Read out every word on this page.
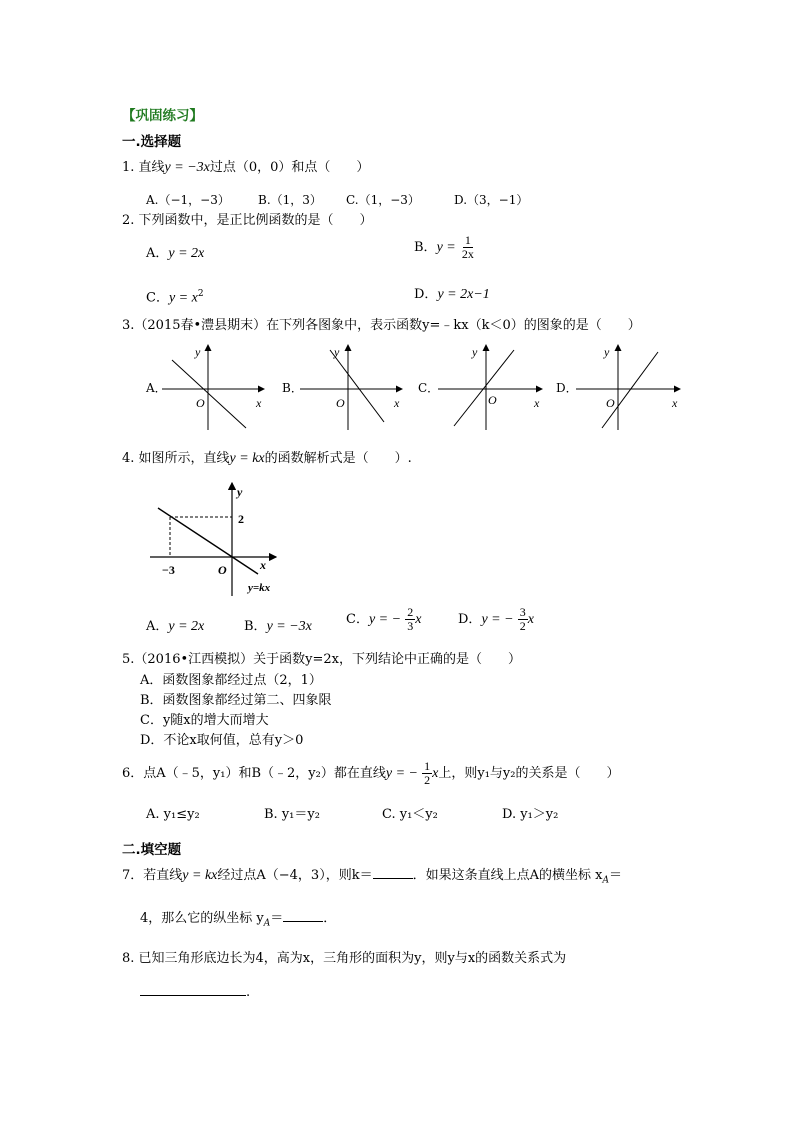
【巩固练习】
一.选择题
1. 直线y = −3x过点（0，0）和点（　　）
A.（−1，−3） B.（1，3） C.（1，−3）	D.（3，−1）
2. 下列函数中，是正比例函数的是（　　）
A．y = 2x	B．$y = \frac{1}{2x}$
C．$y = x^2$	D．y = 2x−1
3.（2015春•澧县期末）在下列各图象中，表示函数y=﹣kx（k＜0）的图象的是（　　）
A．
y
x
O
B．
y
x
O
C．
y
x
O
D．
y
x
O
4. 如图所示，直线y = kx的函数解析式是（　　）.
y
2
−3	O	x
y=kx
A．y = 2x	B．y = −3x	C．y = − $\frac{2}{3}$ x	D．y = − $\frac{3}{2}$ x
5.（2016•江西模拟）关于函数y=2x，下列结论中正确的是（　　）
A．函数图象都经过点（2，1）
B．函数图象都经过第二、四象限
C．y随x的增大而增大
D．不论x取何值，总有y＞0
6．点A（﹣5，y₁）和B（﹣2，y₂）都在直线y = − $\frac{1}{2}$ x上，则y₁与y₂的关系是（　　）
A. y₁≤y₂	B. y₁＝y₂	C. y₁＜y₂	D. y₁＞y₂
二.填空题
7．若直线y = kx经过点A（−4，3），则k＝	．如果这条直线上点A的横坐标 $x_A=$
4，那么它的纵坐标 $y_A=$	．
8. 已知三角形底边长为4，高为x，三角形的面积为y，则y与x的函数关系式为
.
